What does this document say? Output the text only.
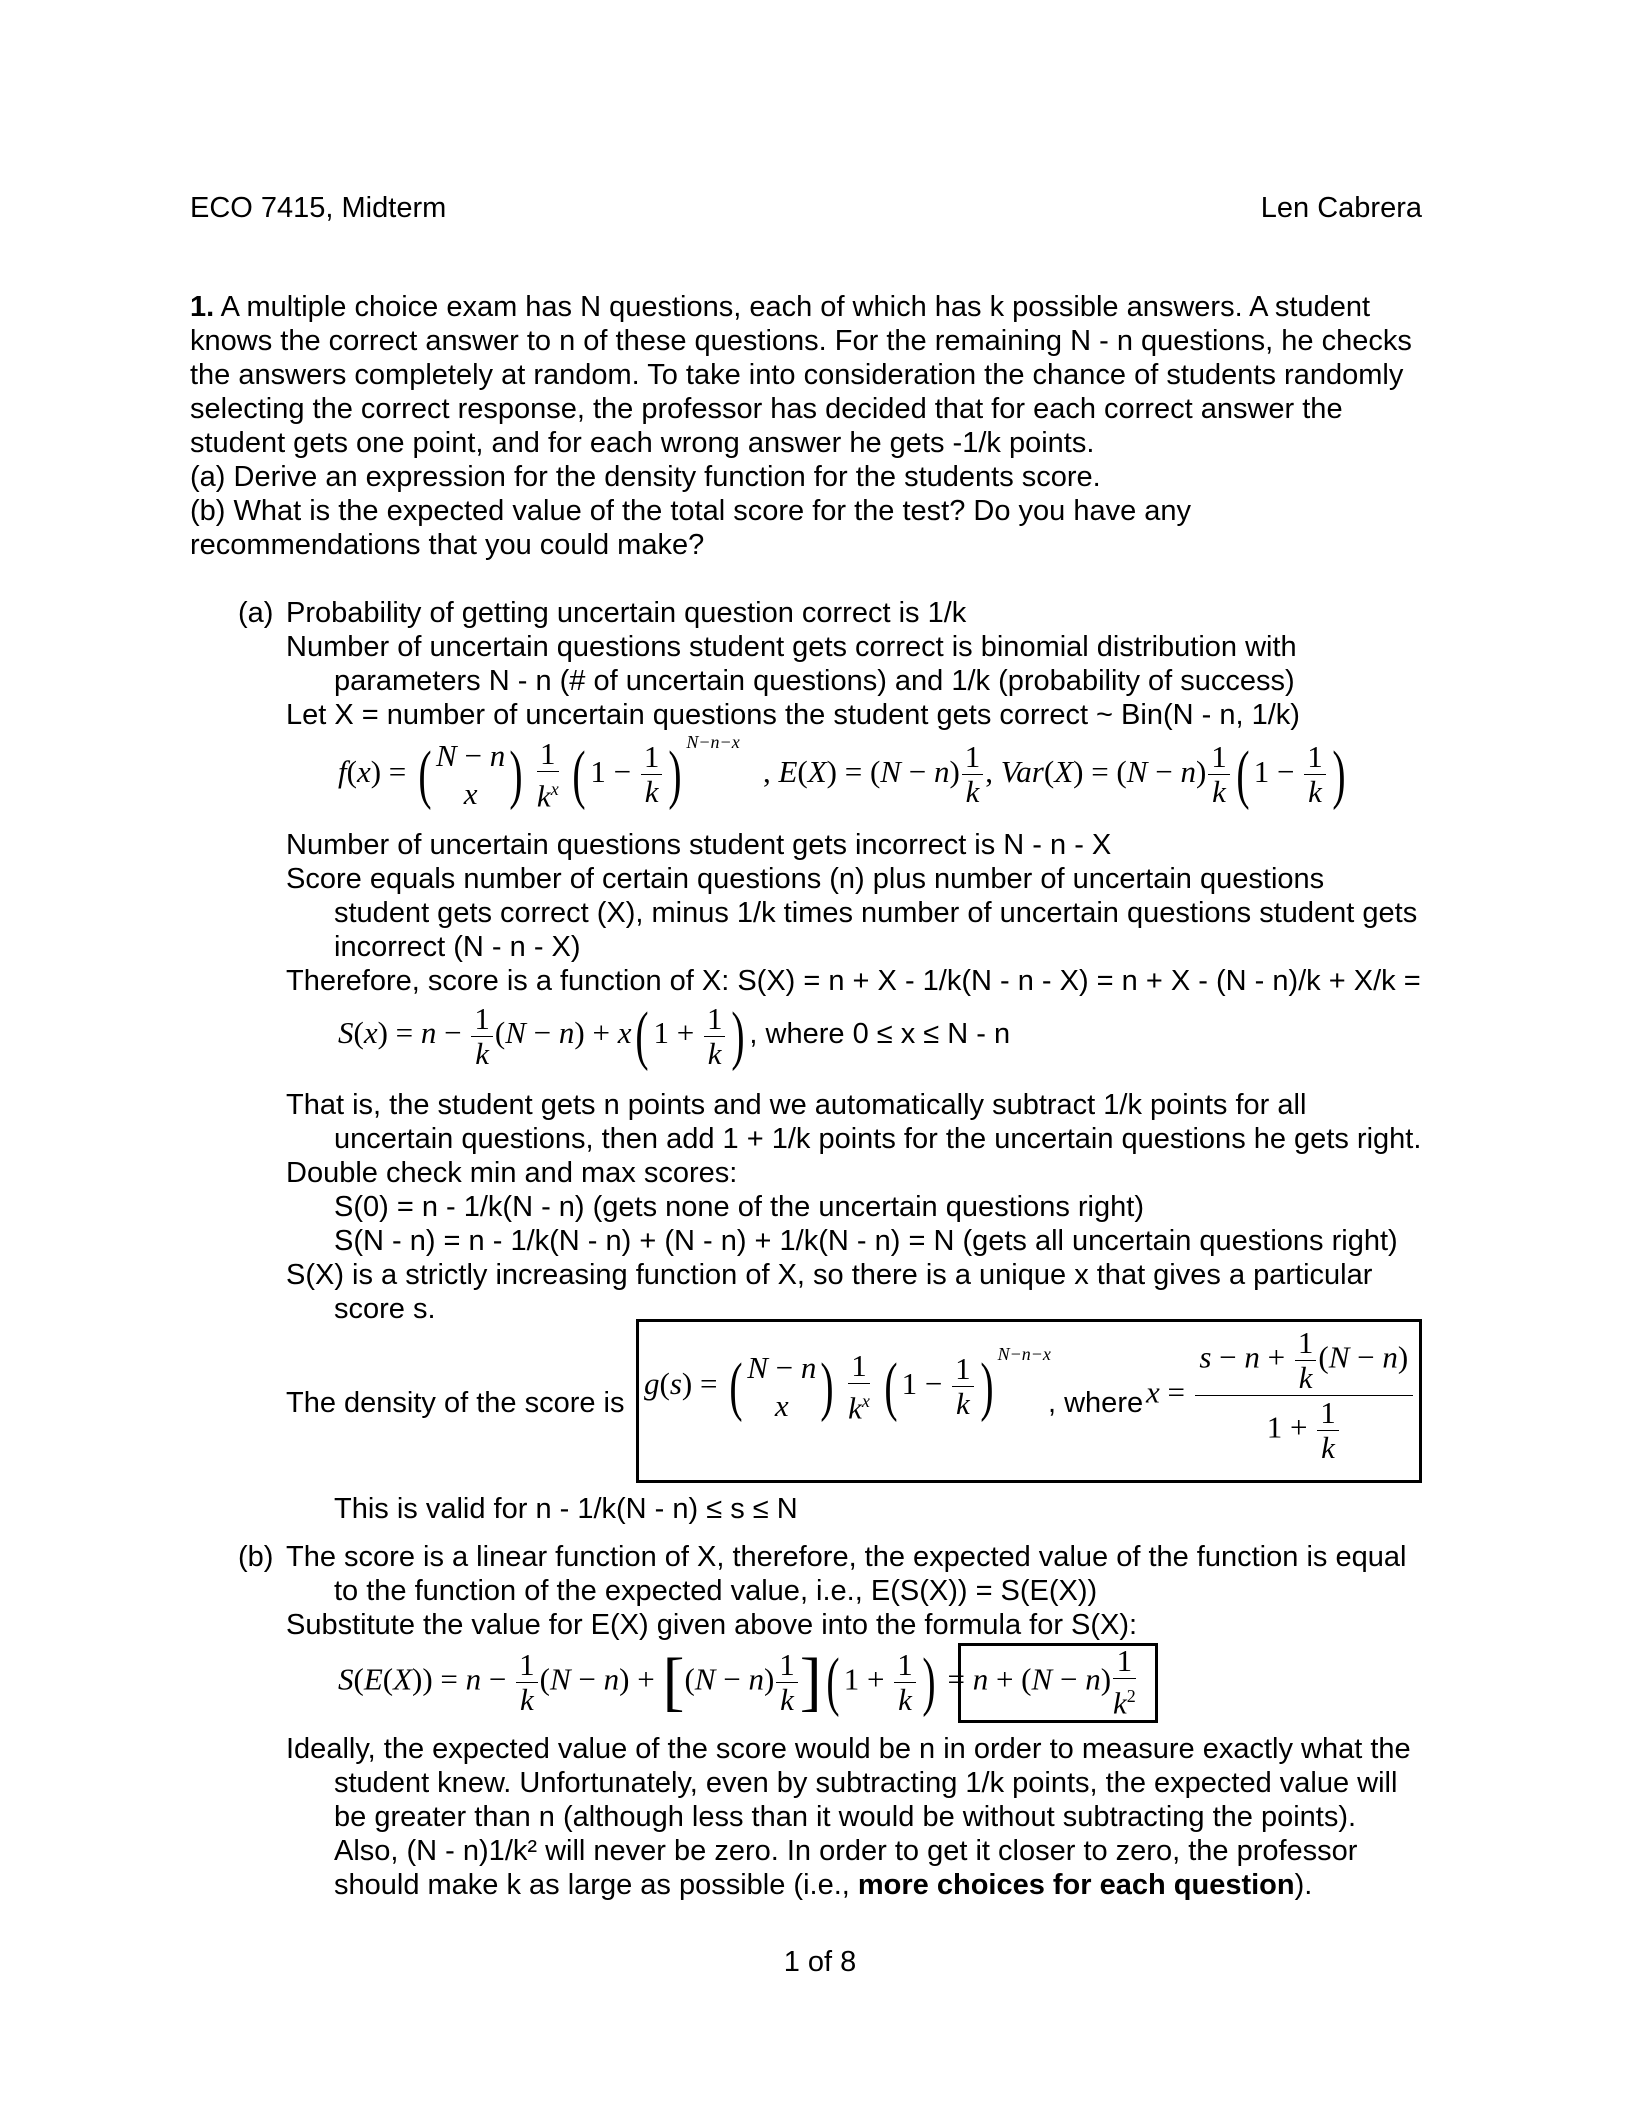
ECO 7415, Midterm	Len Cabrera
1. A multiple choice exam has N questions, each of which has k possible answers. A student
knows the correct answer to n of these questions. For the remaining N - n questions, he checks
the answers completely at random. To take into consideration the chance of students randomly
selecting the correct response, the professor has decided that for each correct answer the
student gets one point, and for each wrong answer he gets -1/k points.
(a) Derive an expression for the density function for the students score.
(b) What is the expected value of the total score for the test? Do you have any
recommendations that you could make?
(a) Probability of getting uncertain question correct is 1/k
Number of uncertain questions student gets correct is binomial distribution with
parameters N - n (# of uncertain questions) and 1/k (probability of success)
Let X = number of uncertain questions the student gets correct ~ Bin(N - n, 1/k)
f(x) = ( N − n
x ) $\frac{1}{k^x}$ ( $1 - \frac{1}{k}$ ) $^{N-n-x}$   , $E(X) = (N - n) \frac{1}{k}$ , $Var(X) = (N - n) \frac{1}{k}$ ( $1 - \frac{1}{k}$ )
Number of uncertain questions student gets incorrect is N - n - X
Score equals number of certain questions (n) plus number of uncertain questions
student gets correct (X), minus 1/k times number of uncertain questions student gets
incorrect (N - n - X)
Therefore, score is a function of X: S(X) = n + X - 1/k(N - n - X) = n + X - (N - n)/k + X/k =
$S(x) = n - \frac{1}{k} (N - n) + x$( $1 + \frac{1}{k}$ ) , where 0 ≤ x ≤ N - n
That is, the student gets n points and we automatically subtract 1/k points for all
uncertain questions, then add 1 + 1/k points for the uncertain questions he gets right.
Double check min and max scores:
S(0) = n - 1/k(N - n) (gets none of the uncertain questions right)
S(N - n) = n - 1/k(N - n) + (N - n) + 1/k(N - n) = N (gets all uncertain questions right)
S(X) is a strictly increasing function of X, so there is a unique x that gives a particular
score s.
The density of the score is
g(s) = ( N − n
x ) $\frac{1}{k^x}$ ( $1 - \frac{1}{k}$ ) $^{N-n-x}$
, where $x = \frac{s - n + \frac{1}{k} (N - n)}{1 + \frac{1}{k}}$
This is valid for n - 1/k(N - n) ≤ s ≤ N
(b) The score is a linear function of X, therefore, the expected value of the function is equal
to the function of the expected value, i.e., E(S(X)) = S(E(X))
Substitute the value for E(X) given above into the formula for S(X):
$S(E(X)) = n - \frac{1}{k} (N - n) + [(N - n) \frac{1}{k}$ ]( $1 + \frac{1}{k}$ ) = $n + (N - n) \frac{1}{k^2}$
Ideally, the expected value of the score would be n in order to measure exactly what the
student knew. Unfortunately, even by subtracting 1/k points, the expected value will
be greater than n (although less than it would be without subtracting the points).
Also, (N - n)1/k² will never be zero. In order to get it closer to zero, the professor
should make k as large as possible (i.e., more choices for each question).
1 of 8
